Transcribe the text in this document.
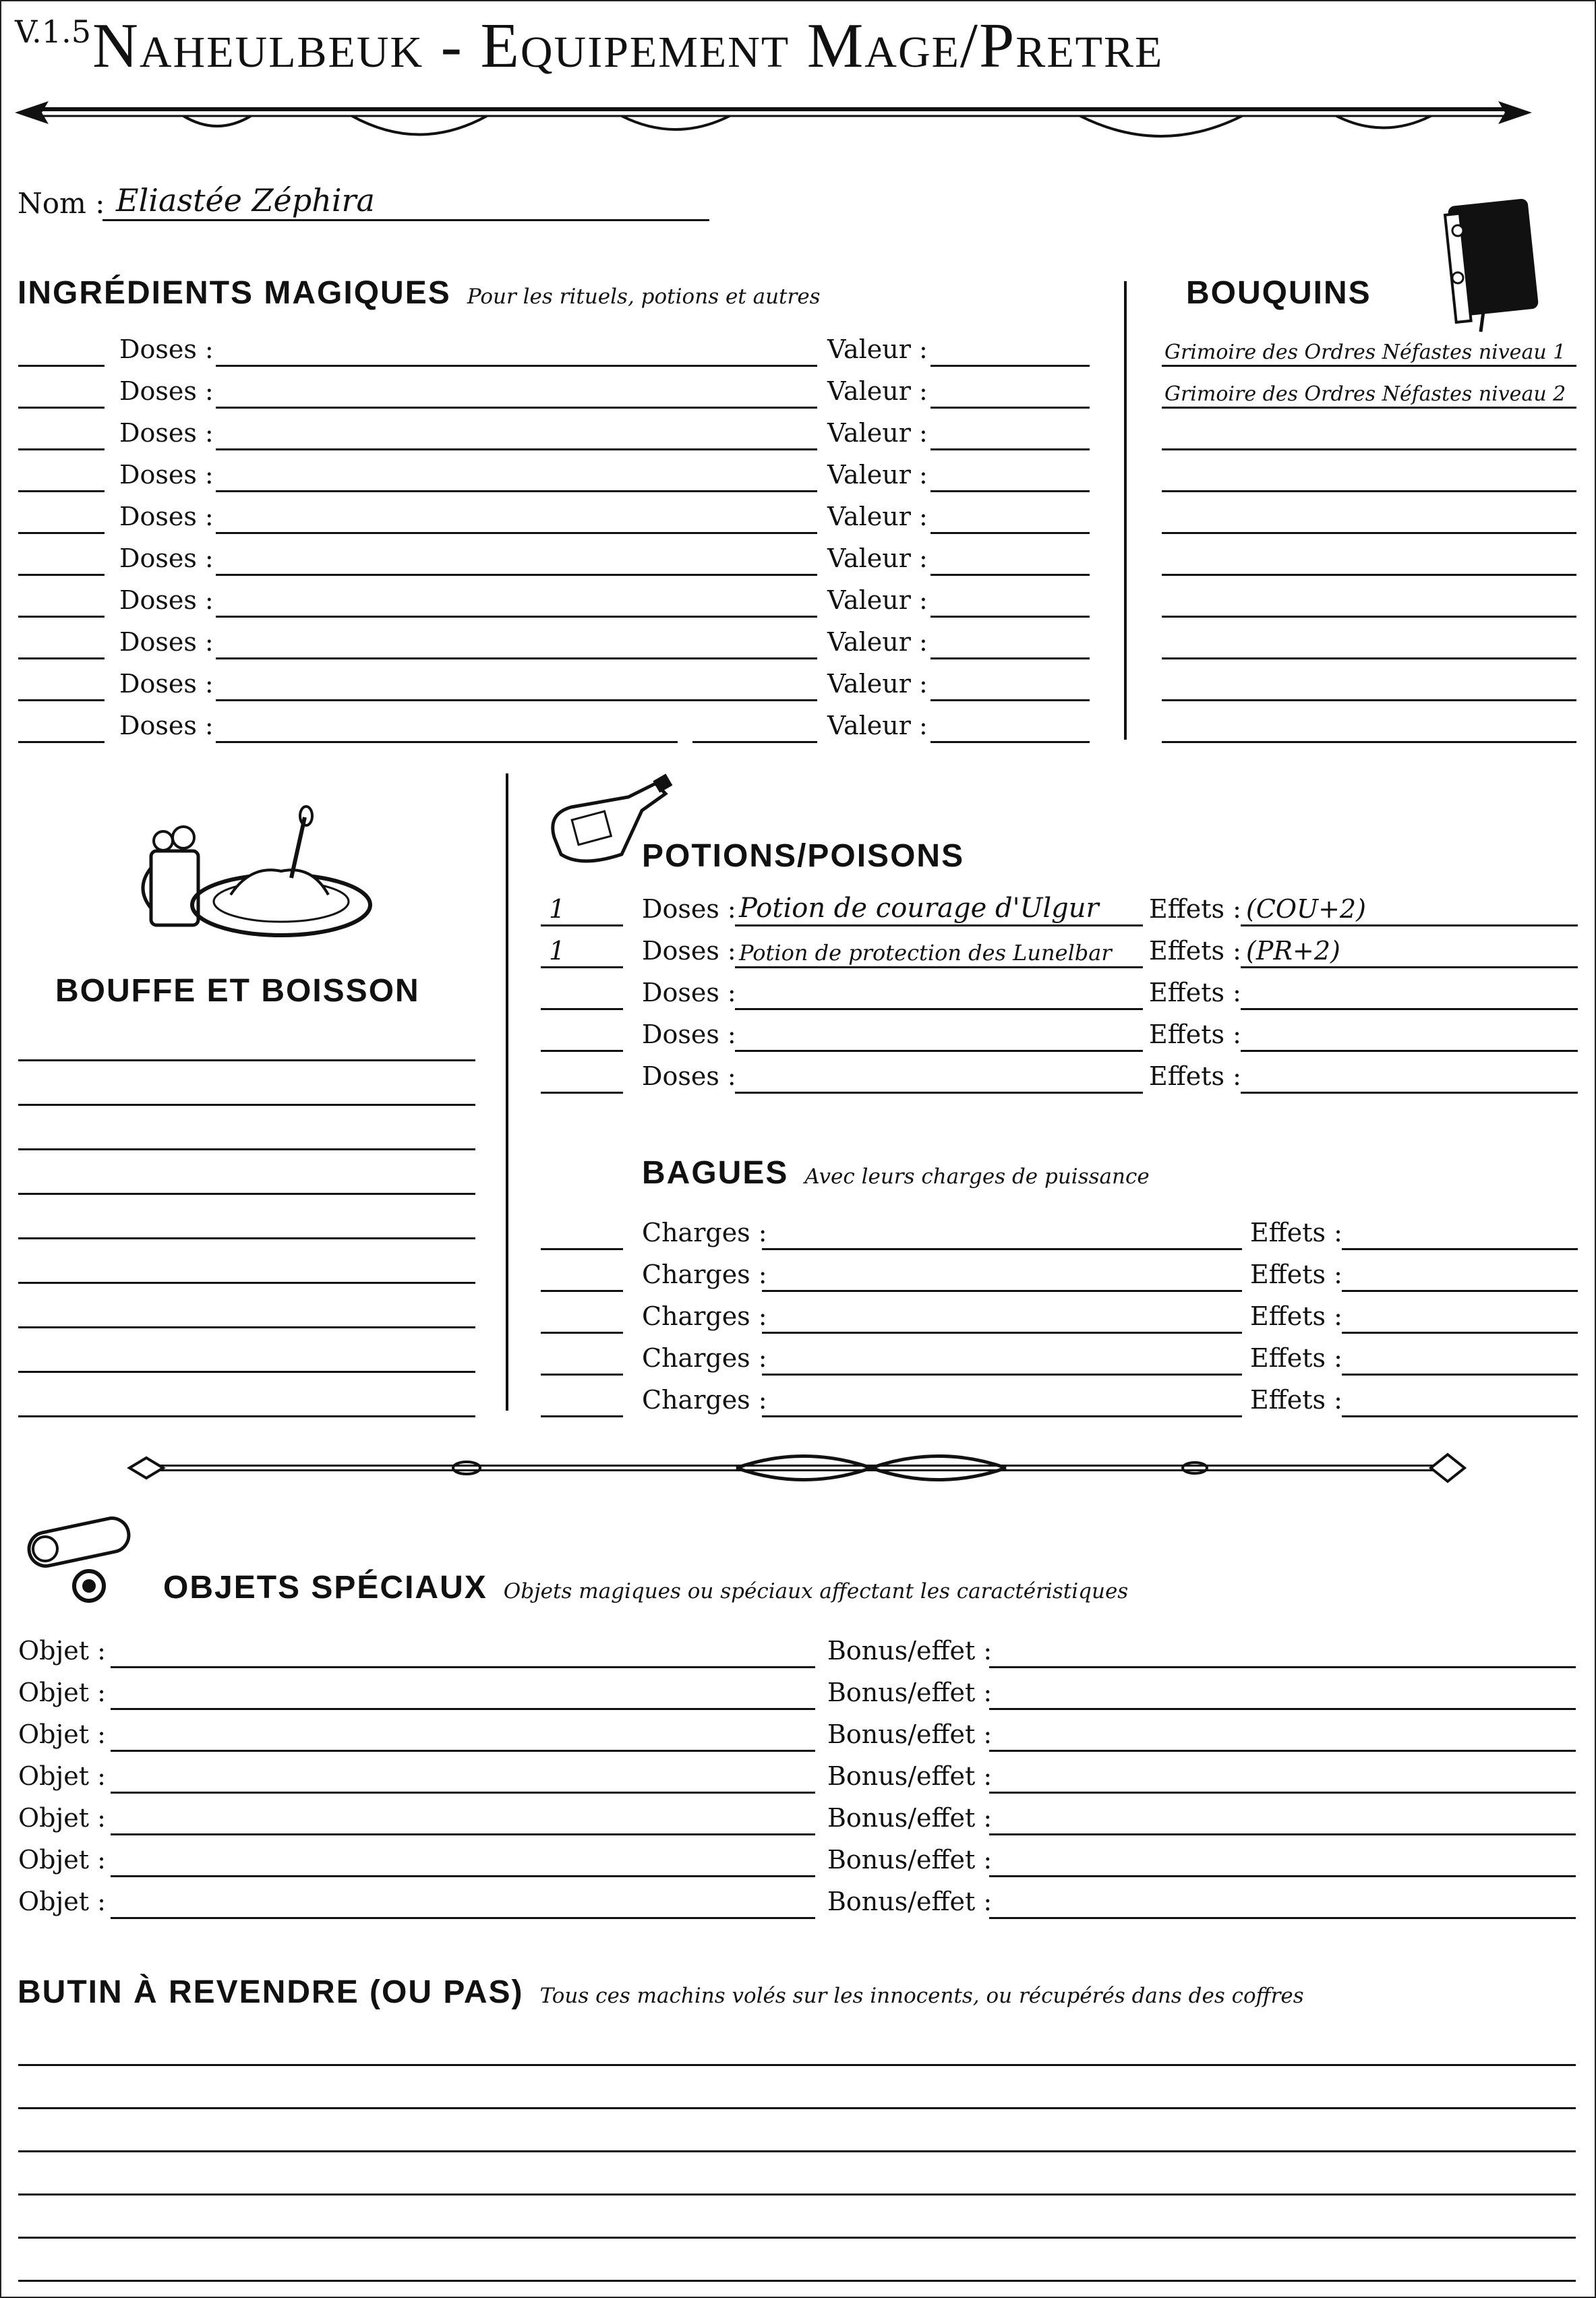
V.1.5 Naheulbeuk - Equipement Mage/Pretre
Nom : Eliastée Zéphira
INGRÉDIENTS MAGIQUES Pour les rituels, potions et autres
Doses :	Valeur :
Doses :	Valeur :
Doses :	Valeur :
Doses :	Valeur :
Doses :	Valeur :
Doses :	Valeur :
Doses :	Valeur :
Doses :	Valeur :
Doses :	Valeur :
Doses :	Valeur :
BOUQUINS
Grimoire des Ordres Néfastes niveau 1
Grimoire des Ordres Néfastes niveau 2
BOUFFE ET BOISSON
POTIONS/POISONS
1	Doses : Potion de courage d'Ulgur Effets : (COU+2)
1	Doses : Potion de protection des Lunelbar Effets : (PR+2)
Doses :	Effets :
Doses :	Effets :
Doses :	Effets :
BAGUES Avec leurs charges de puissance
Charges :	Effets :
Charges :	Effets :
Charges :	Effets :
Charges :	Effets :
Charges :	Effets :
OBJETS SPÉCIAUX Objets magiques ou spéciaux affectant les caractéristiques
Objet :	Bonus/effet :
Objet :	Bonus/effet :
Objet :	Bonus/effet :
Objet :	Bonus/effet :
Objet :	Bonus/effet :
Objet :	Bonus/effet :
Objet :	Bonus/effet :
BUTIN À REVENDRE (OU PAS) Tous ces machins volés sur les innocents, ou récupérés dans des coffres
